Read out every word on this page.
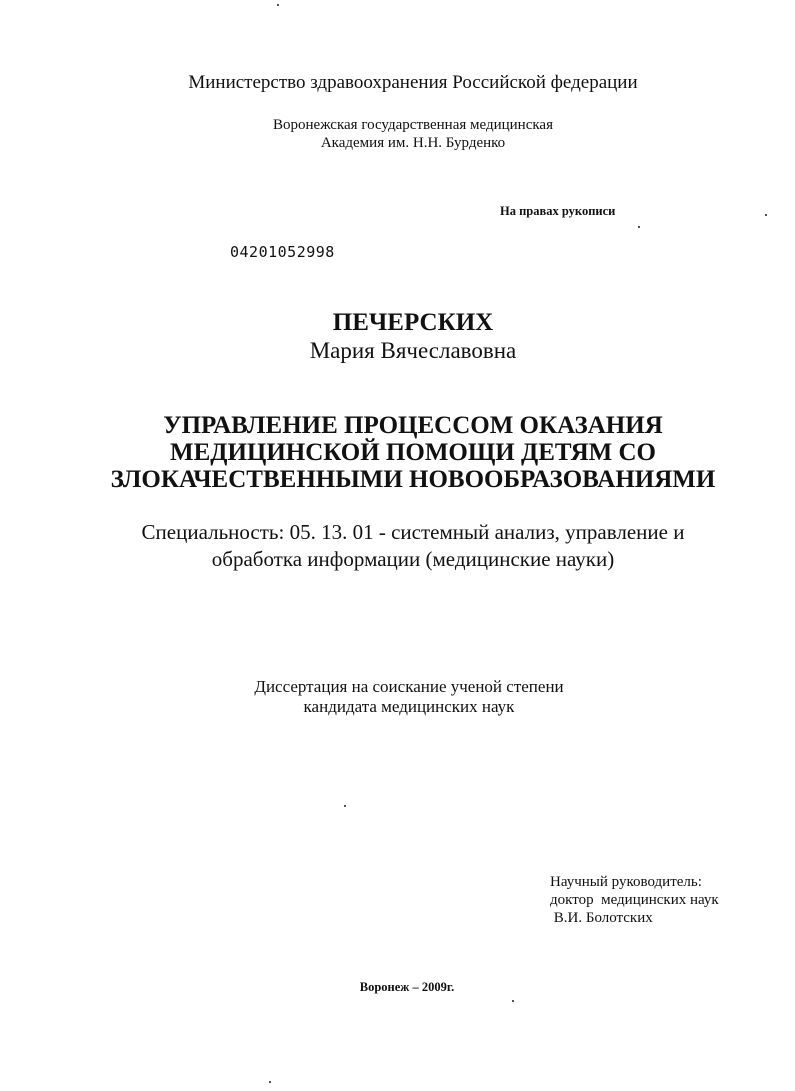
Министерство здравоохранения Российской федерации
Воронежская государственная медицинская
Академия им. Н.Н. Бурденко
На правах рукописи
04201052998
ПЕЧЕРСКИХ
Мария Вячеславовна
УПРАВЛЕНИЕ ПРОЦЕССОМ ОКАЗАНИЯ
МЕДИЦИНСКОЙ ПОМОЩИ ДЕТЯМ СО
ЗЛОКАЧЕСТВЕННЫМИ НОВООБРАЗОВАНИЯМИ
Специальность: 05. 13. 01 - системный анализ, управление и
обработка информации (медицинские науки)
Диссертация на соискание ученой степени
кандидата медицинских наук
Научный руководитель:
доктор  медицинских наук
В.И. Болотских
Воронеж – 2009г.
